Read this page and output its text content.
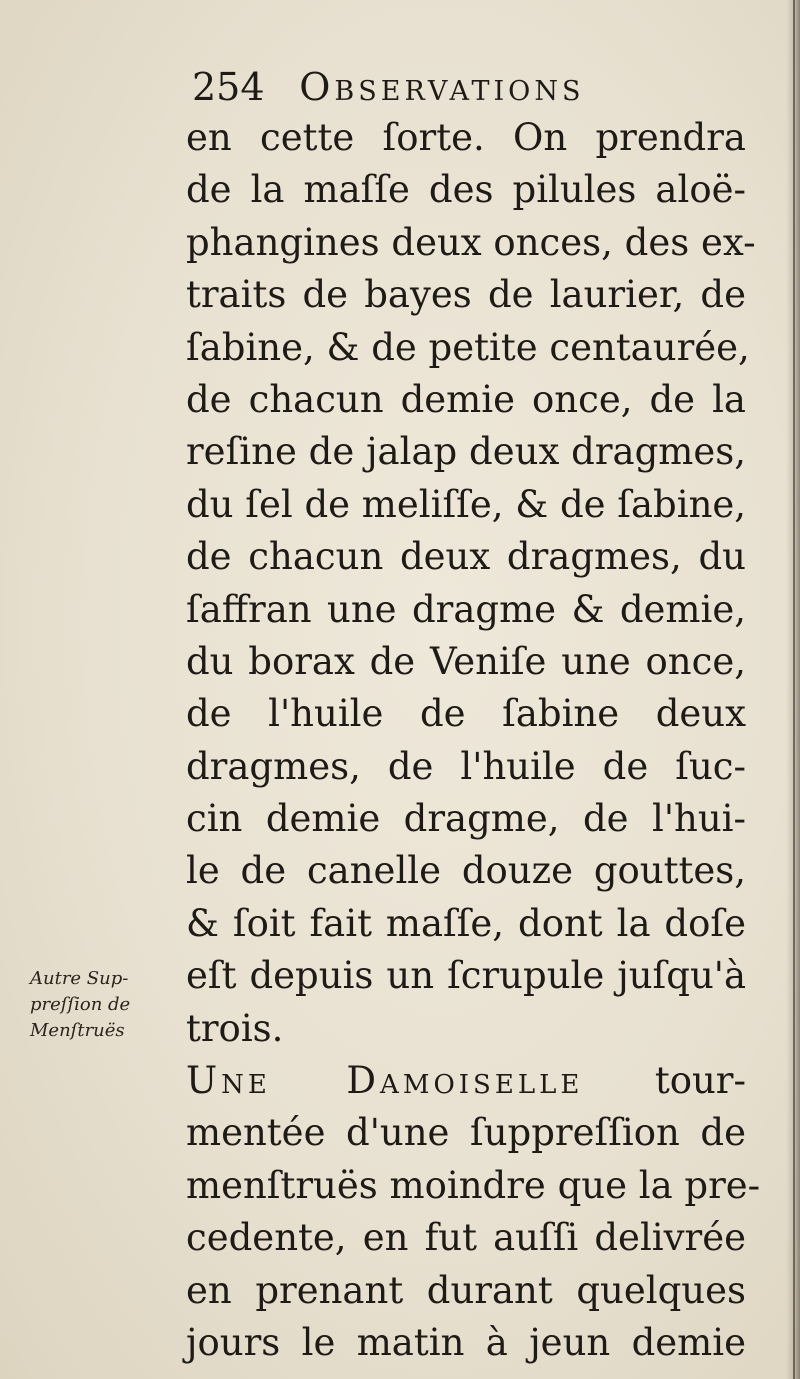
254 Observations
en cette ſorte. On prendra
de la maſſe des pilules aloë-
phangines deux onces, des ex-
traits de bayes de laurier, de
ſabine, & de petite centaurée,
de chacun demie once, de la
reſine de jalap deux dragmes,
du ſel de meliſſe, & de ſabine,
de chacun deux dragmes, du
ſaffran une dragme & demie,
du borax de Veniſe une once,
de l'huile de ſabine deux
dragmes, de l'huile de ſuc-
cin demie dragme, de l'hui-
le de canelle douze gouttes,
& ſoit fait maſſe, dont la doſe
eſt depuis un ſcrupule juſqu'à
trois.
Une Damoiselle tour-
mentée d'une ſuppreſſion de
menſtruës moindre que la pre-
cedente, en fut auſſi delivrée
en prenant durant quelques
jours le matin à jeun demie
Autre Sup-
preſſion de
Menſtruës
